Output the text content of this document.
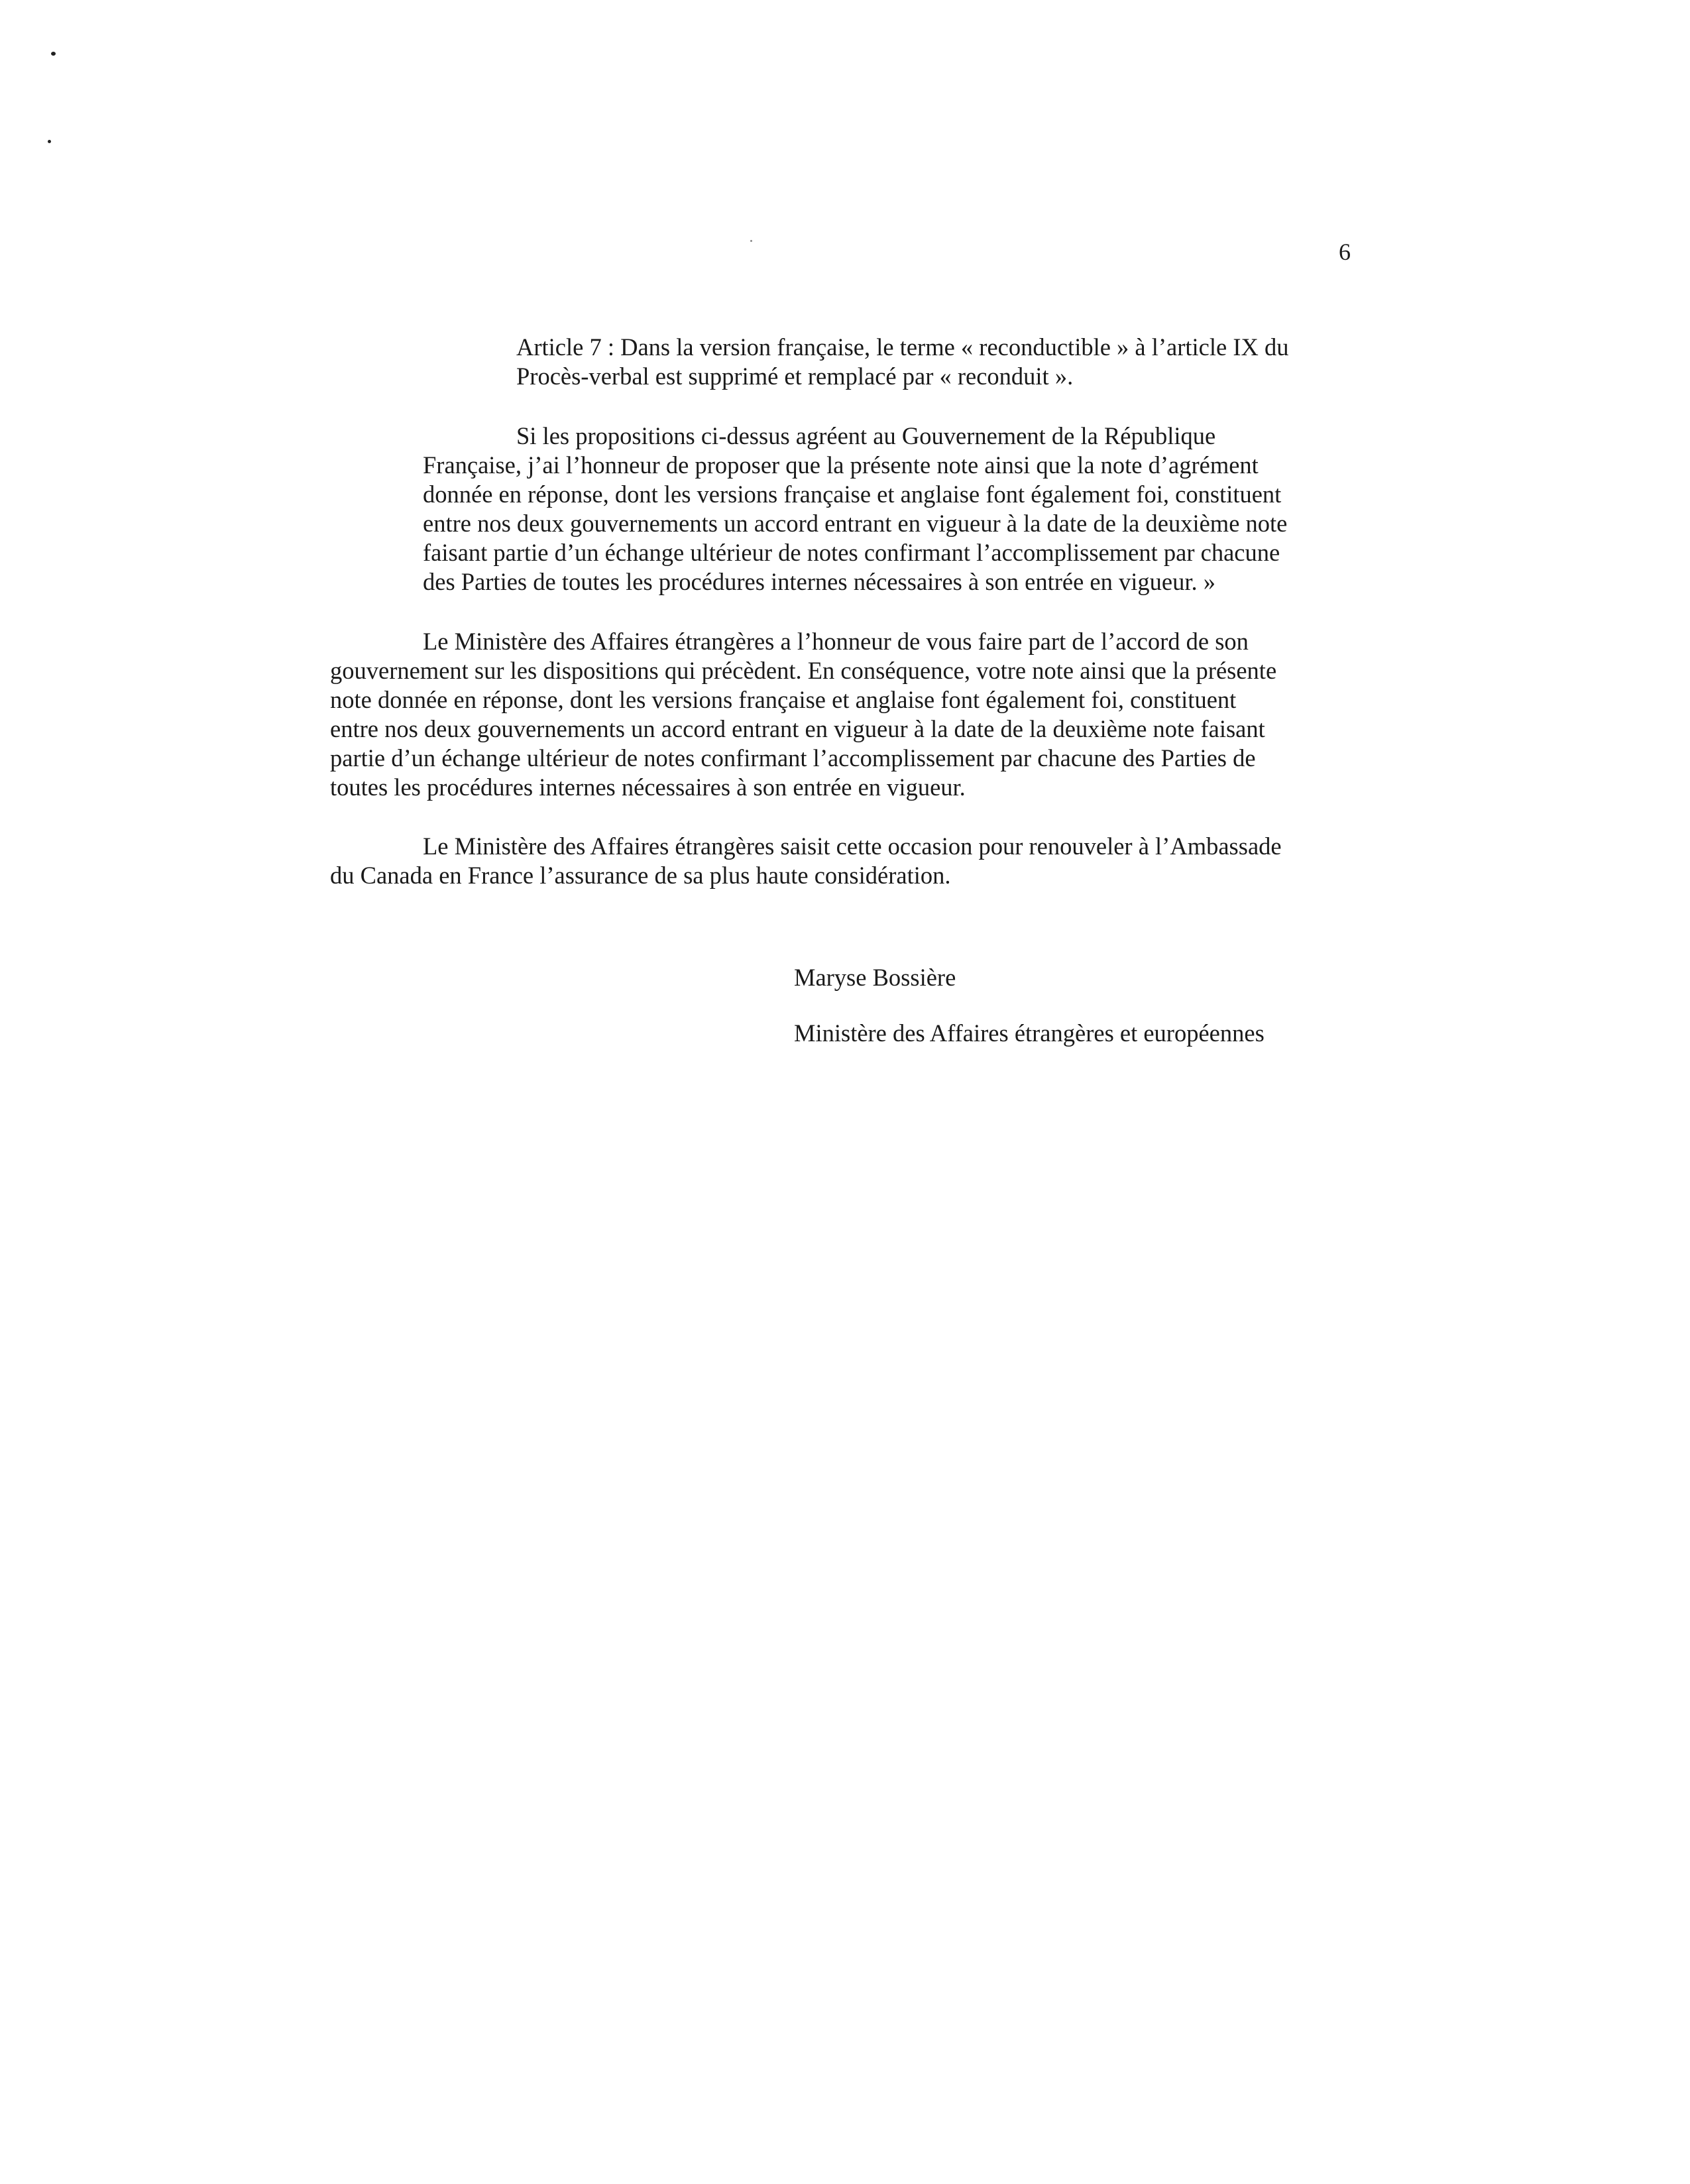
6
Article 7 : Dans la version française, le terme « reconductible » à l’article IX du
Procès-verbal est supprimé et remplacé par « reconduit ».
Si les propositions ci-dessus agréent au Gouvernement de la République
Française, j’ai l’honneur de proposer que la présente note ainsi que la note d’agrément
donnée en réponse, dont les versions française et anglaise font également foi, constituent
entre nos deux gouvernements un accord entrant en vigueur à la date de la deuxième note
faisant partie d’un échange ultérieur de notes confirmant l’accomplissement par chacune
des Parties de toutes les procédures internes nécessaires à son entrée en vigueur. »
Le Ministère des Affaires étrangères a l’honneur de vous faire part de l’accord de son
gouvernement sur les dispositions qui précèdent. En conséquence, votre note ainsi que la présente
note donnée en réponse, dont les versions française et anglaise font également foi, constituent
entre nos deux gouvernements un accord entrant en vigueur à la date de la deuxième note faisant
partie d’un échange ultérieur de notes confirmant l’accomplissement par chacune des Parties de
toutes les procédures internes nécessaires à son entrée en vigueur.
Le Ministère des Affaires étrangères saisit cette occasion pour renouveler à l’Ambassade
du Canada en France l’assurance de sa plus haute considération.
Maryse Bossière
Ministère des Affaires étrangères et européennes
